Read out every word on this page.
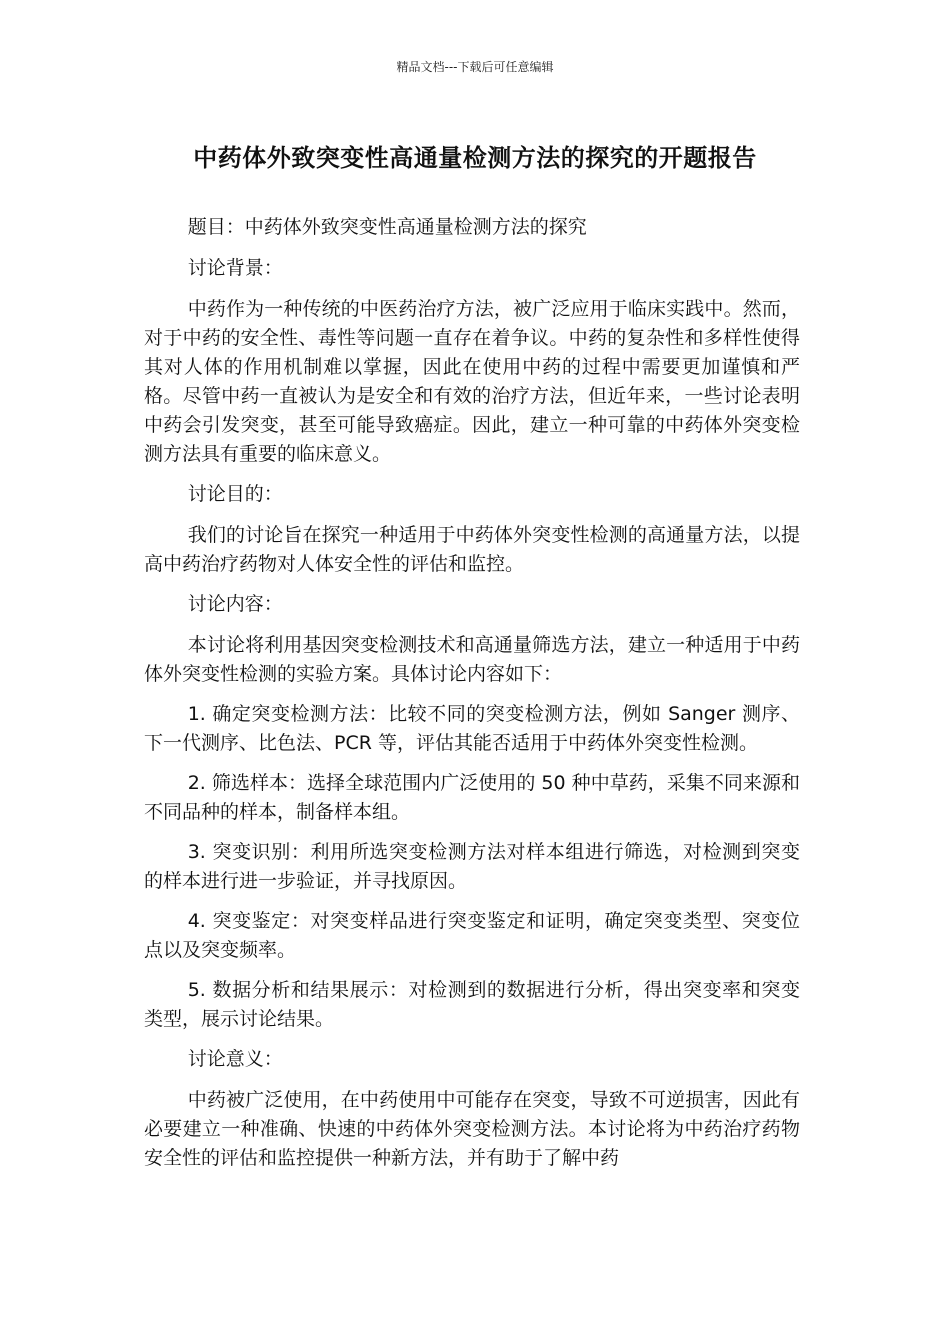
精品文档---下载后可任意编辑
中药体外致突变性高通量检测方法的探究的开题报告

题目：中药体外致突变性高通量检测方法的探究

讨论背景：

中药作为一种传统的中医药治疗方法，被广泛应用于临床实践中。然而，对于中药的安全性、毒性等问题一直存在着争议。中药的复杂性和多样性使得其对人体的作用机制难以掌握，因此在使用中药的过程中需要更加谨慎和严格。尽管中药一直被认为是安全和有效的治疗方法，但近年来，一些讨论表明中药会引发突变，甚至可能导致癌症。因此，建立一种可靠的中药体外突变检测方法具有重要的临床意义。

讨论目的：

我们的讨论旨在探究一种适用于中药体外突变性检测的高通量方法，以提高中药治疗药物对人体安全性的评估和监控。

讨论内容：

本讨论将利用基因突变检测技术和高通量筛选方法，建立一种适用于中药体外突变性检测的实验方案。具体讨论内容如下：

1. 确定突变检测方法：比较不同的突变检测方法，例如 Sanger 测序、下一代测序、比色法、PCR 等，评估其能否适用于中药体外突变性检测。

2. 筛选样本：选择全球范围内广泛使用的 50 种中草药，采集不同来源和不同品种的样本，制备样本组。

3. 突变识别：利用所选突变检测方法对样本组进行筛选，对检测到突变的样本进行进一步验证，并寻找原因。

4. 突变鉴定：对突变样品进行突变鉴定和证明，确定突变类型、突变位点以及突变频率。

5. 数据分析和结果展示：对检测到的数据进行分析，得出突变率和突变类型，展示讨论结果。

讨论意义：

中药被广泛使用，在中药使用中可能存在突变，导致不可逆损害，因此有必要建立一种准确、快速的中药体外突变检测方法。本讨论将为中药治疗药物安全性的评估和监控提供一种新方法，并有助于了解中药
